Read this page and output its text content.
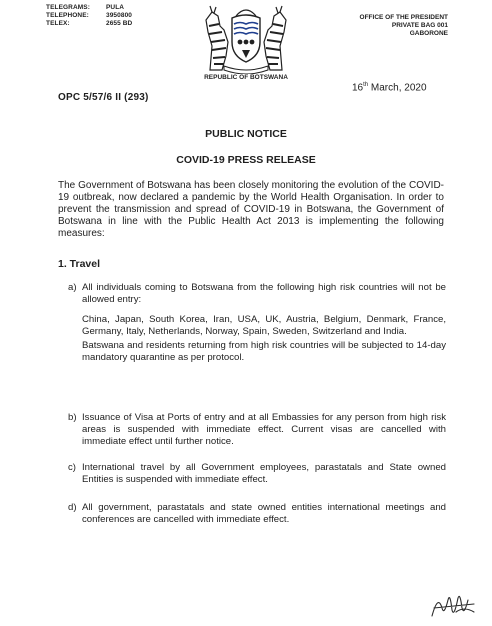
TELEGRAMS:	PULA
TELEPHONE:	3950800
TELEX:	2655 BD
REPUBLIC OF BOTSWANA
OFFICE OF THE PRESIDENT
PRIVATE BAG 001
GABORONE
16th March, 2020
OPC 5/57/6 II (293)
PUBLIC NOTICE
COVID-19 PRESS RELEASE
The Government of Botswana has been closely monitoring the evolution of the COVID-19 outbreak, now declared a pandemic by the World Health Organisation. In order to prevent the transmission and spread of COVID-19 in Botswana, the Government of Botswana in line with the Public Health Act 2013 is implementing the following measures:
1. Travel
a) All individuals coming to Botswana from the following high risk countries will not be allowed entry:
China, Japan, South Korea, Iran, USA, UK, Austria, Belgium, Denmark, France, Germany, Italy, Netherlands, Norway, Spain, Sweden, Switzerland and India.
Batswana and residents returning from high risk countries will be subjected to 14-day mandatory quarantine as per protocol.
b) Issuance of Visa at Ports of entry and at all Embassies for any person from high risk areas is suspended with immediate effect. Current visas are cancelled with immediate effect until further notice.
c) International travel by all Government employees, parastatals and State owned Entities is suspended with immediate effect.
d) All government, parastatals and state owned entities international meetings and conferences are cancelled with immediate effect.
